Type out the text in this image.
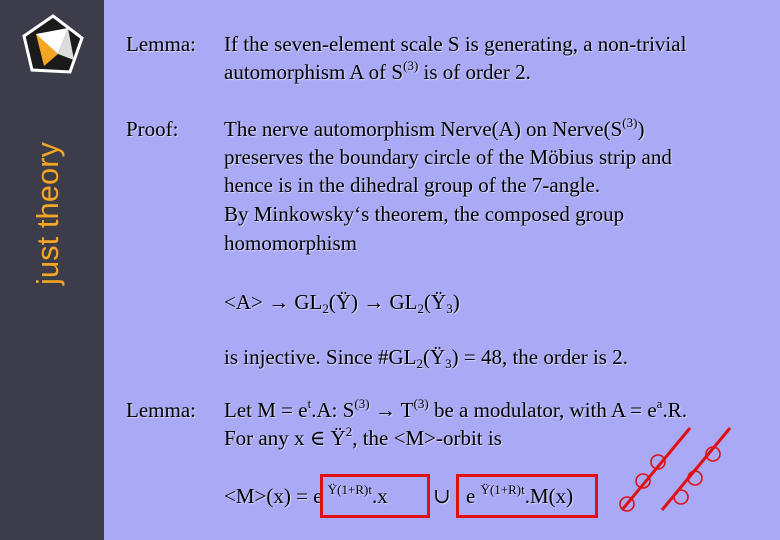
just theory
Lemma: If the seven-element scale S is generating, a non-trivial
automorphism A of $S^{(3)}$ is of order 2.
Proof: The nerve automorphism Nerve(A) on $Nerve(S^{(3)})$
preserves the boundary circle of the Möbius strip and
hence is in the dihedral group of the 7-angle.
By Minkowsky‘s theorem, the composed group
homomorphism
$<A> \to GL_2(Ÿ)$ → $GL_2(Ÿ_3)$
is injective. Since $\#GL_2(Ÿ_3) = 48$, the order is 2.
Lemma: Let $M = e^t.A$: $S^{(3)} \to T^{(3)}$ be a modulator, with $A = e^a.R$.
For any x ∈ $Ÿ^2$, the <M>-orbit is
<M>(x) = e $^{Ÿ(1+R)t}$.x ∪ e $^{Ÿ(1+R)t}$.M(x)
